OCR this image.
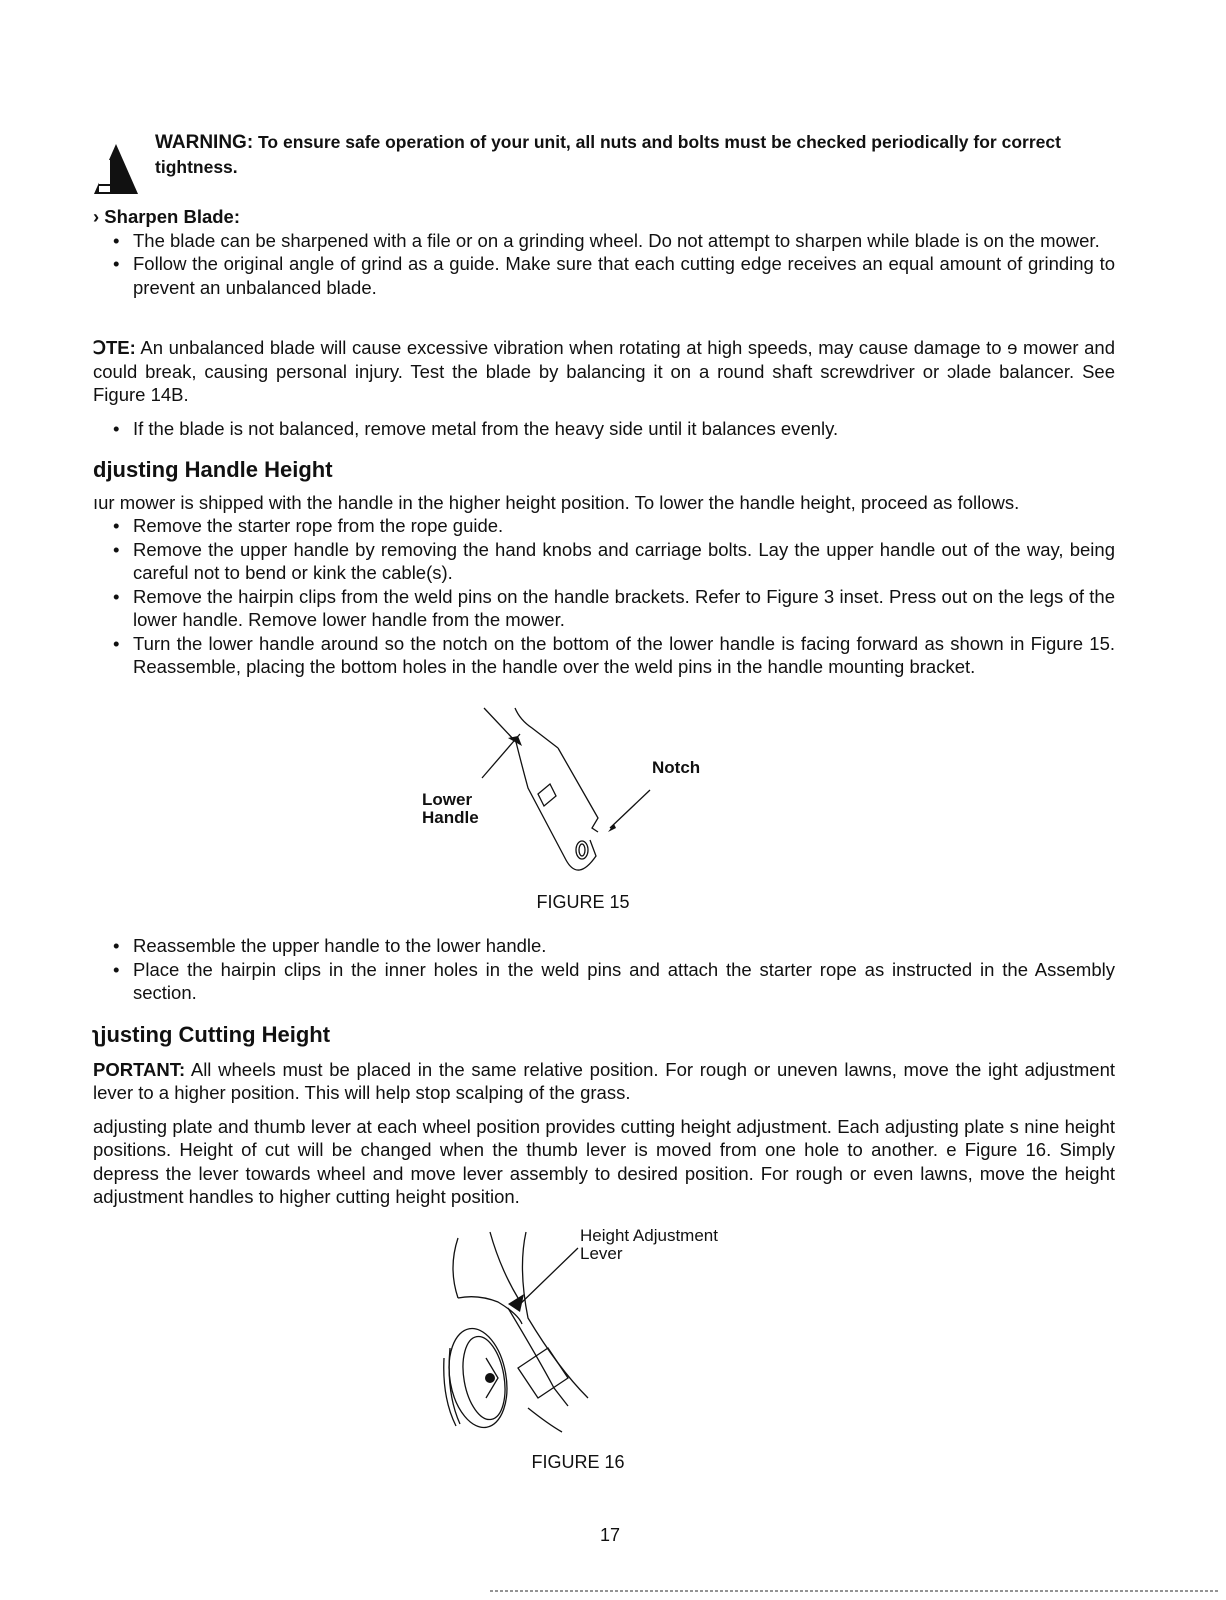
WARNING: To ensure safe operation of your unit, all nuts and bolts must be checked periodically for correct tightness.
› Sharpen Blade:
• The blade can be sharpened with a file or on a grinding wheel. Do not attempt to sharpen while blade is on the mower.
• Follow the original angle of grind as a guide. Make sure that each cutting edge receives an equal amount of grinding to prevent an unbalanced blade.
ↃTE: An unbalanced blade will cause excessive vibration when rotating at high speeds, may cause damage to ɘ mower and could break, causing personal injury. Test the blade by balancing it on a round shaft screwdriver or ɔlade balancer. See Figure 14B.
• If the blade is not balanced, remove metal from the heavy side until it balances evenly.
djusting Handle Height
ıur mower is shipped with the handle in the higher height position. To lower the handle height, proceed as follows.
• Remove the starter rope from the rope guide.
• Remove the upper handle by removing the hand knobs and carriage bolts. Lay the upper handle out of the way, being careful not to bend or kink the cable(s).
• Remove the hairpin clips from the weld pins on the handle brackets. Refer to Figure 3 inset. Press out on the legs of the lower handle. Remove lower handle from the mower.
• Turn the lower handle around so the notch on the bottom of the lower handle is facing forward as shown in Figure 15. Reassemble, placing the bottom holes in the handle over the weld pins in the handle mounting bracket.
Lower
Handle
Notch
FIGURE 15
• Reassemble the upper handle to the lower handle.
• Place the hairpin clips in the inner holes in the weld pins and attach the starter rope as instructed in the Assembly section.
ʅjusting Cutting Height
PORTANT: All wheels must be placed in the same relative position. For rough or uneven lawns, move the ight adjustment lever to a higher position. This will help stop scalping of the grass.
adjusting plate and thumb lever at each wheel position provides cutting height adjustment. Each adjusting plate s nine height positions. Height of cut will be changed when the thumb lever is moved from one hole to another. e Figure 16. Simply depress the lever towards wheel and move lever assembly to desired position. For rough or even lawns, move the height adjustment handles to higher cutting height position.
Height Adjustment
Lever
FIGURE 16
17
